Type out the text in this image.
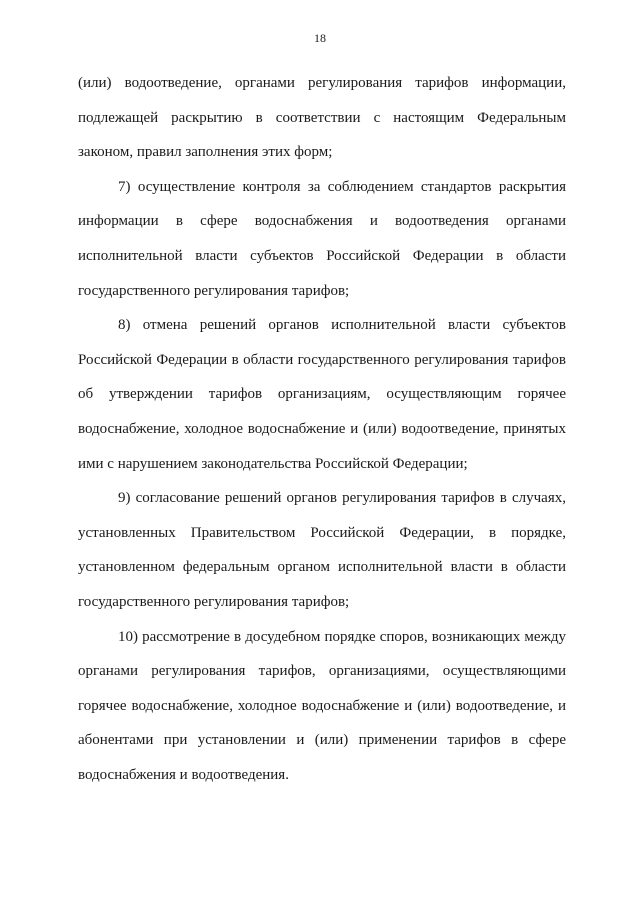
18

(или) водоотведение, органами регулирования тарифов информации, подлежащей раскрытию в соответствии с настоящим Федеральным законом, правил заполнения этих форм;

7) осуществление контроля за соблюдением стандартов раскрытия информации в сфере водоснабжения и водоотведения органами исполнительной власти субъектов Российской Федерации в области государственного регулирования тарифов;

8) отмена решений органов исполнительной власти субъектов Российской Федерации в области государственного регулирования тарифов об утверждении тарифов организациям, осуществляющим горячее водоснабжение, холодное водоснабжение и (или) водоотведение, принятых ими с нарушением законодательства Российской Федерации;

9) согласование решений органов регулирования тарифов в случаях, установленных Правительством Российской Федерации, в порядке, установленном федеральным органом исполнительной власти в области государственного регулирования тарифов;

10) рассмотрение в досудебном порядке споров, возникающих между органами регулирования тарифов, организациями, осуществляющими горячее водоснабжение, холодное водоснабжение и (или) водоотведение, и абонентами при установлении и (или) применении тарифов в сфере водоснабжения и водоотведения.
